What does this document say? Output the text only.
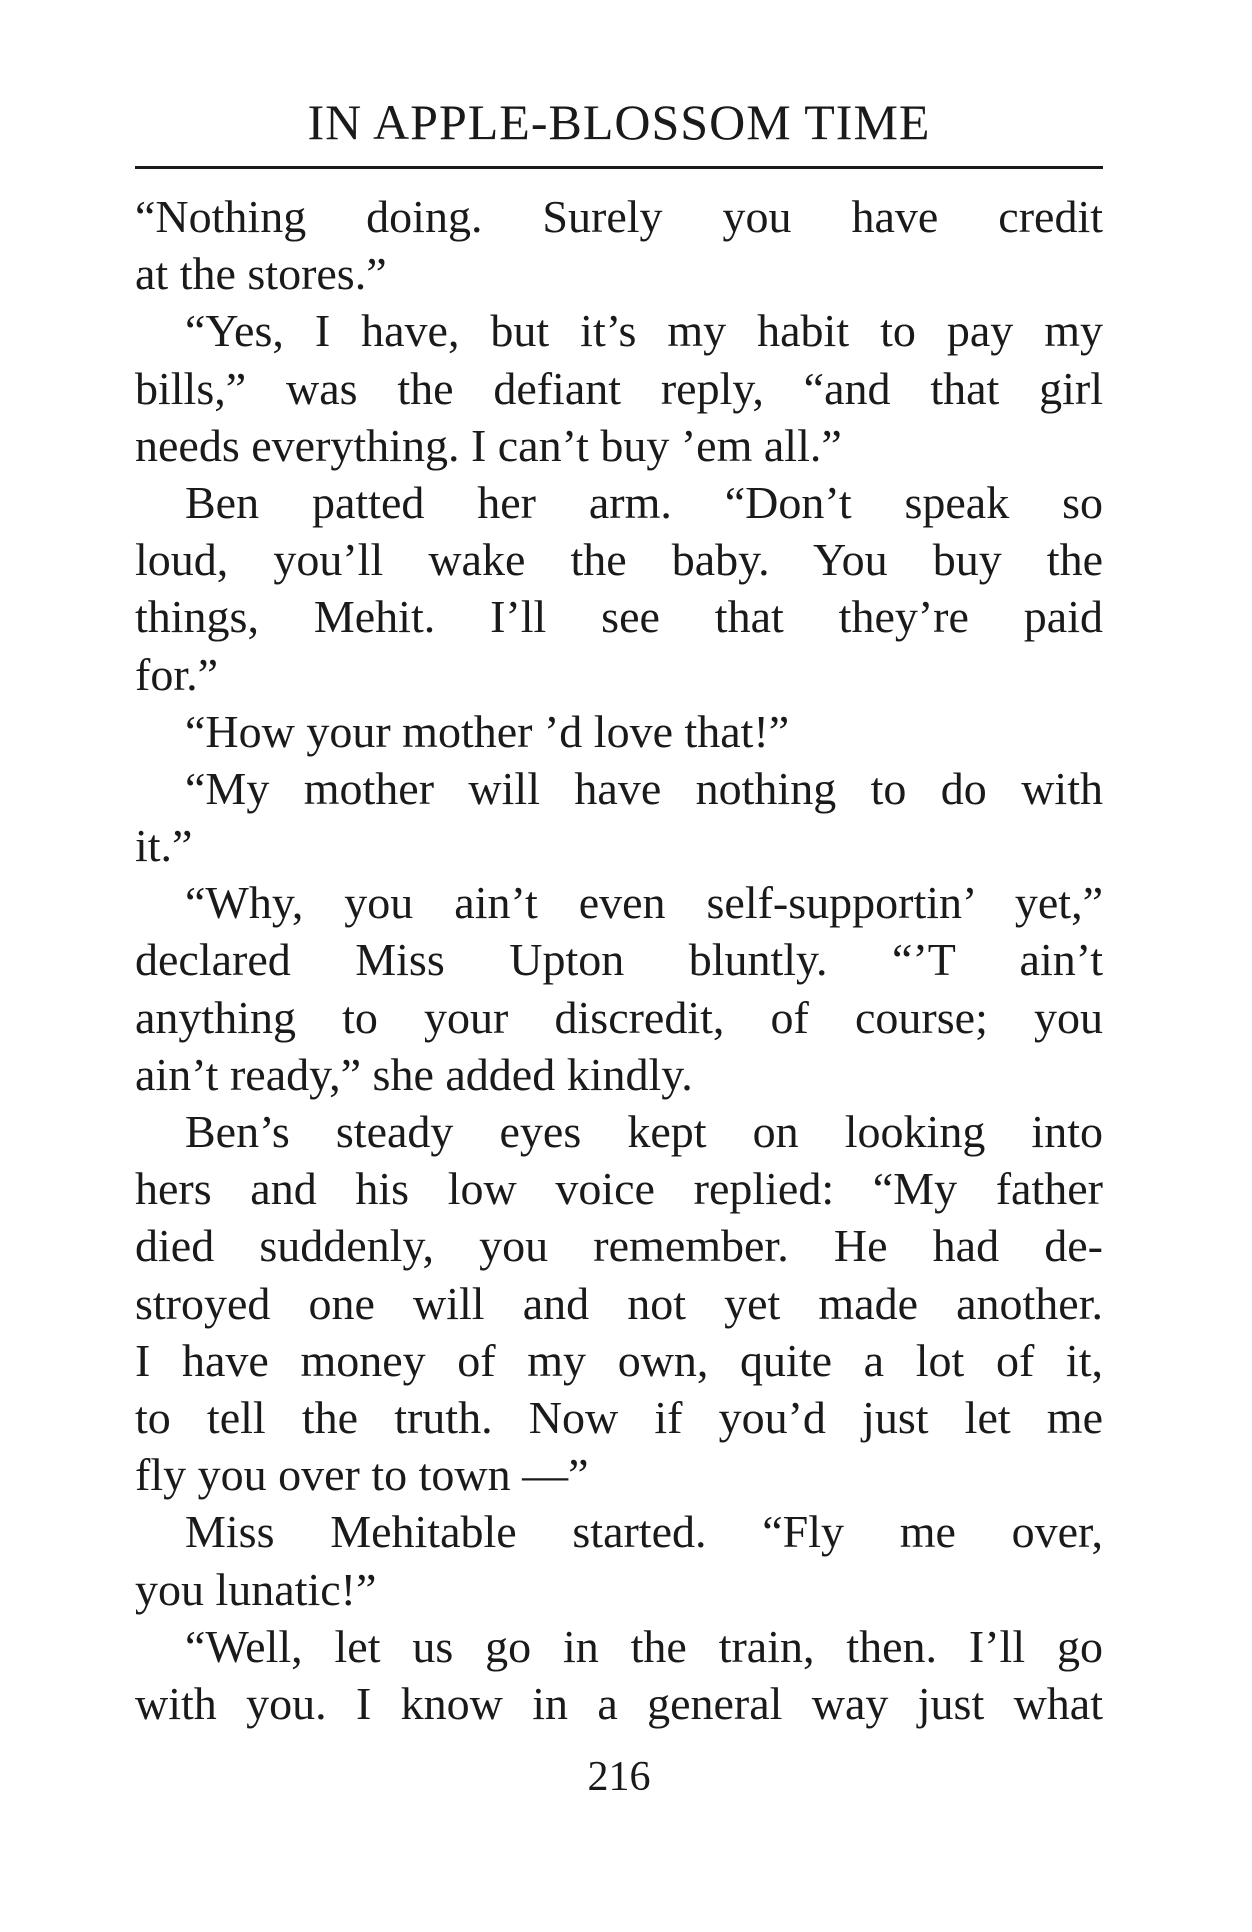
IN APPLE-BLOSSOM TIME
“Nothing doing. Surely you have credit
at the stores.”
“Yes, I have, but it’s my habit to pay my
bills,” was the defiant reply, “and that girl
needs everything. I can’t buy ’em all.”
Ben patted her arm. “Don’t speak so
loud, you’ll wake the baby. You buy the
things, Mehit. I’ll see that they’re paid
for.”
“How your mother ’d love that!”
“My mother will have nothing to do with
it.”
“Why, you ain’t even self-supportin’ yet,”
declared Miss Upton bluntly. “’T ain’t
anything to your discredit, of course; you
ain’t ready,” she added kindly.
Ben’s steady eyes kept on looking into
hers and his low voice replied: “My father
died suddenly, you remember. He had de-
stroyed one will and not yet made another.
I have money of my own, quite a lot of it,
to tell the truth. Now if you’d just let me
fly you over to town —”
Miss Mehitable started. “Fly me over,
you lunatic!”
“Well, let us go in the train, then. I’ll go
with you. I know in a general way just what
216
